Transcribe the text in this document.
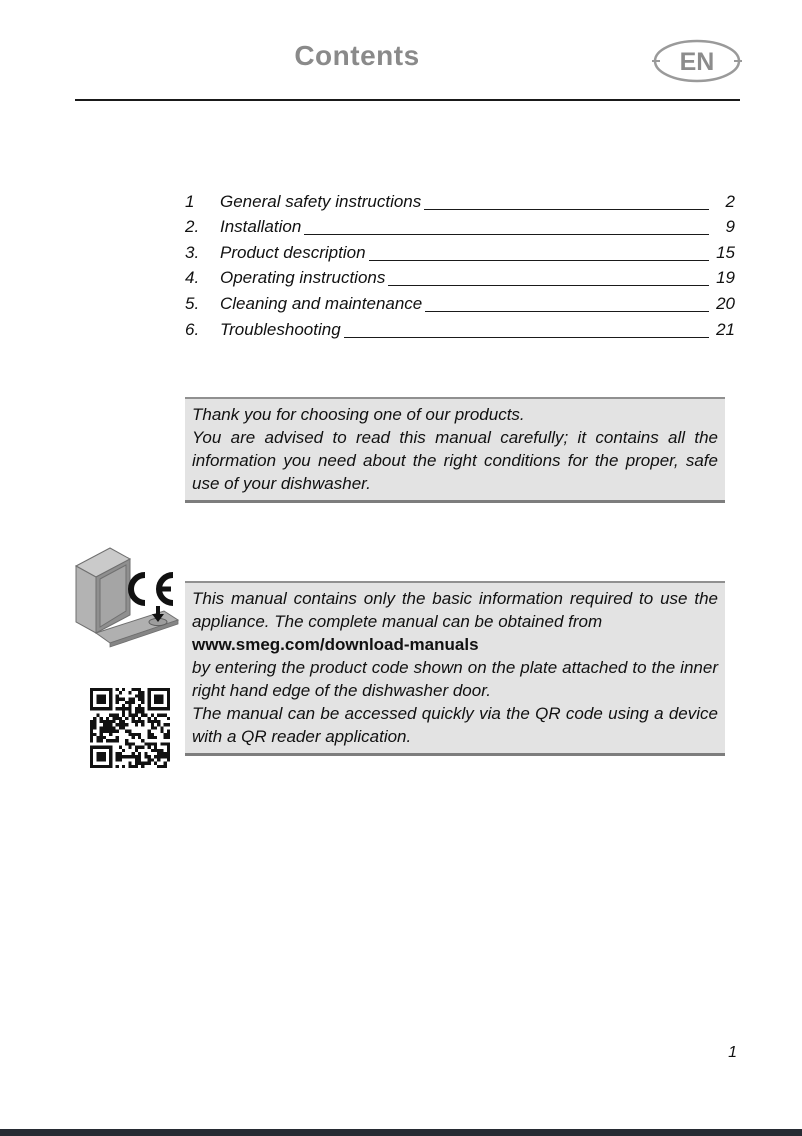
Contents	EN
1	General safety instructions	2
2.	Installation	9
3.	Product description	15
4.	Operating instructions	19
5.	Cleaning and maintenance	20
6.	Troubleshooting	21
Thank you for choosing one of our products.
You are advised to read this manual carefully; it contains all the information you need about the right conditions for the proper, safe use of your dishwasher.
This manual contains only the basic information required to use the appliance. The complete manual can be obtained from
www.smeg.com/download-manuals
by entering the product code shown on the plate attached to the inner right hand edge of the dishwasher door.
The manual can be accessed quickly via the QR code using a device with a QR reader application.
1
